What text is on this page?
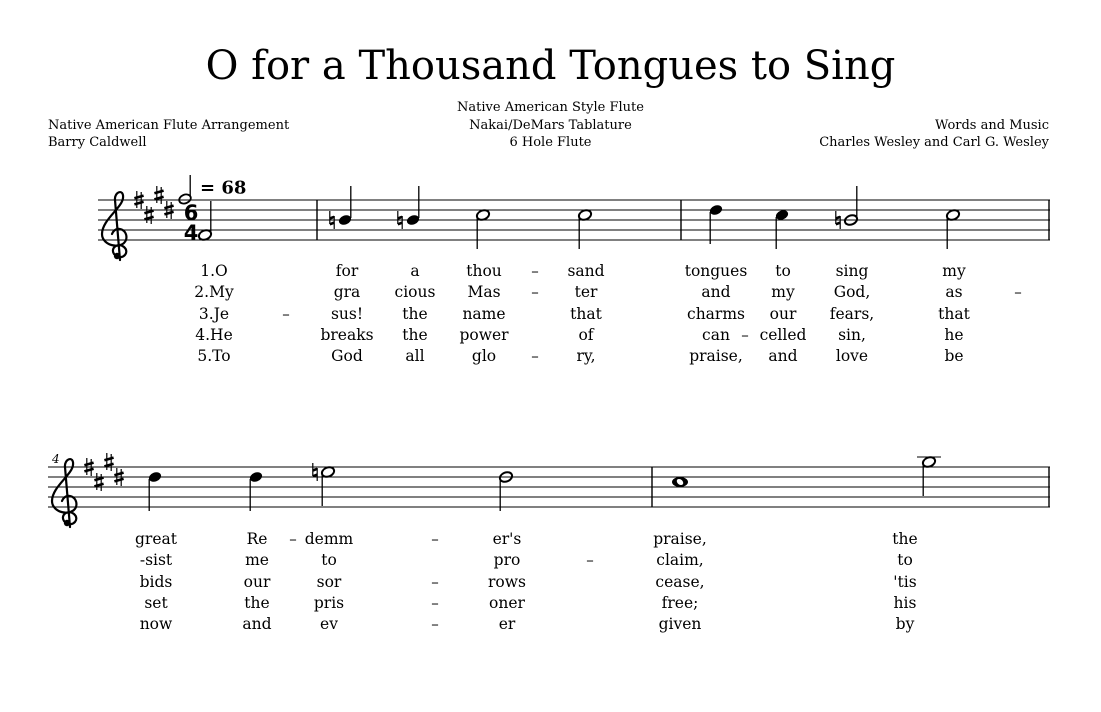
O for a Thousand Tongues to Sing
Native American Flute Arrangement
Barry Caldwell
Native American Style Flute
Nakai/DeMars Tablature
6 Hole Flute
Words and Music
Charles Wesley and Carl G. Wesley
= 68
4
6
4
1.O	for	a	thou	sand	tongues to	sing	my
2.My	gra cious Mas	ter	and	my	God,	as
3.Je	sus!	the name	that	charms our fears,	that
4.He	breaks the power	of	can celled sin,	he
5.To	God	all	glo	ry,	praise, and love	be
great	Re demm	er's	praise,	the
-sist	me	to	pro	claim,	to
bids	our	sor	rows	cease,	'tis
set	the	pris	oner	free;	his
now	and	ev	er	given	by
–
–	–
–
–
–
–	–
–
–
–
–
